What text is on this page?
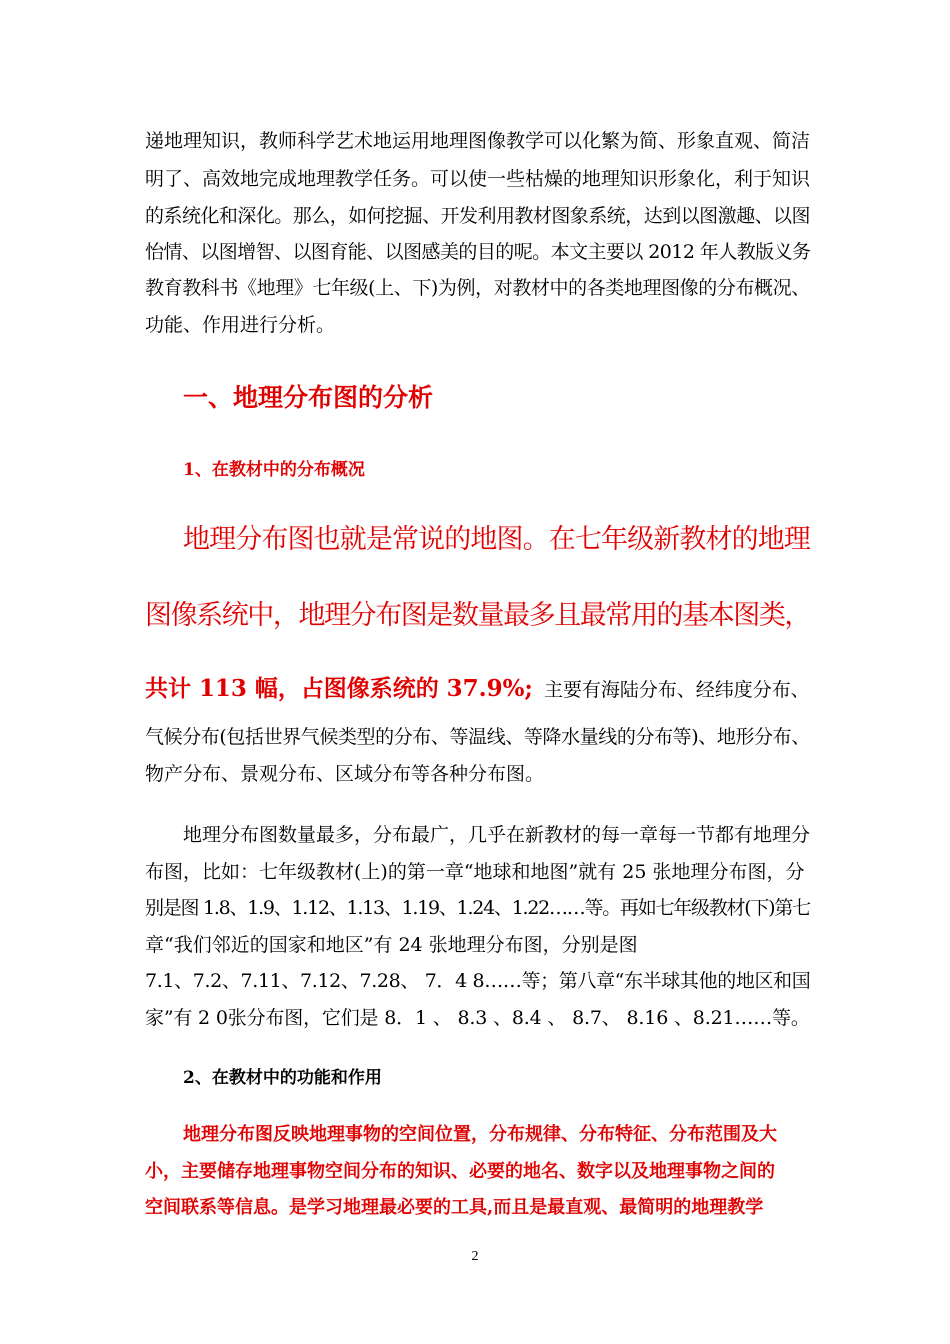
递地理知识，教师科学艺术地运用地理图像教学可以化繁为简、形象直观、简洁
明了、高效地完成地理教学任务。可以使一些枯燥的地理知识形象化，利于知识
的系统化和深化。那么，如何挖掘、开发利用教材图象系统，达到以图激趣、以图
怡情、以图增智、以图育能、以图感美的目的呢。本文主要以 2012 年人教版义务
教育教科书《地理》七年级(上、下)为例，对教材中的各类地理图像的分布概况、
功能、作用进行分析。
一、地理分布图的分析
1、在教材中的分布概况
地理分布图也就是常说的地图。在七年级新教材的地理
图像系统中，地理分布图是数量最多且最常用的基本图类，
共计 113 幅，占图像系统的 37.9%; 主要有海陆分布、经纬度分布、
气候分布(包括世界气候类型的分布、等温线、等降水量线的分布等)、地形分布、
物产分布、景观分布、区域分布等各种分布图。
地理分布图数量最多，分布最广，几乎在新教材的每一章每一节都有地理分
布图，比如：七年级教材(上)的第一章“地球和地图”就有 25 张地理分布图，分
别是图 1.8、1.9、1.12、1.13、1.19、1.24、1.22……等。再如七年级教材(下)第七
章“我们邻近的国家和地区”有 24 张地理分布图，分别是图
7.1、7.2、7.11、7.12、7.28、 7．4 8……等；第八章“东半球其他的地区和国
家”有 2 0张分布图，它们是 8．1 、 8.3 、8.4 、 8.7、 8.16 、8.21……等。
2、在教材中的功能和作用
地理分布图反映地理事物的空间位置，分布规律、分布特征、分布范围及大
小，主要储存地理事物空间分布的知识、必要的地名、数字以及地理事物之间的
空间联系等信息。是学习地理最必要的工具,而且是最直观、最简明的地理教学
2
